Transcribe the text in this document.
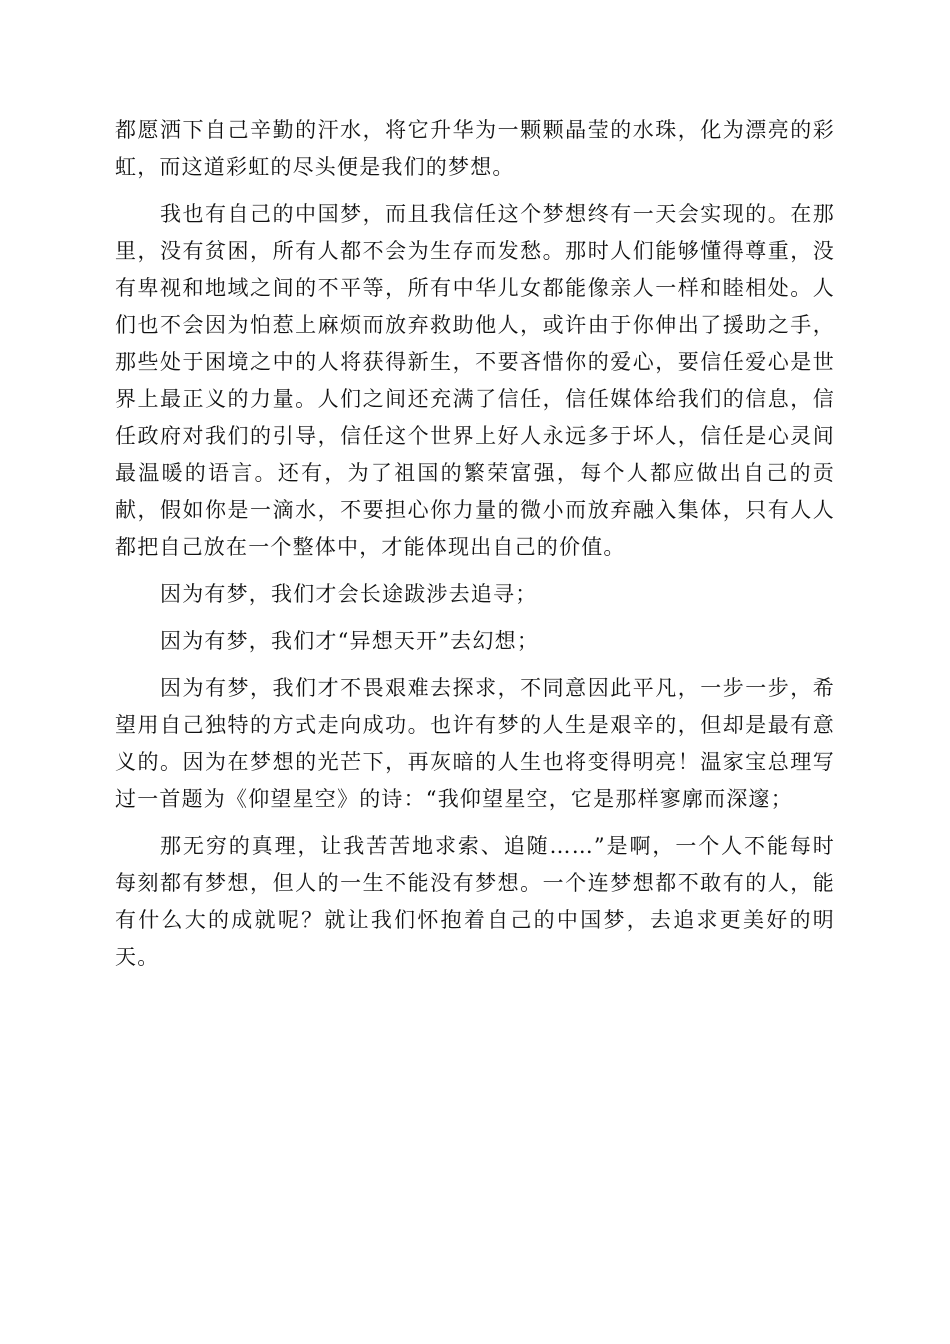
都愿洒下自己辛勤的汗水，将它升华为一颗颗晶莹的水珠，化为漂亮的彩虹，而这道彩虹的尽头便是我们的梦想。

我也有自己的中国梦，而且我信任这个梦想终有一天会实现的。在那里，没有贫困，所有人都不会为生存而发愁。那时人们能够懂得尊重，没有卑视和地域之间的不平等，所有中华儿女都能像亲人一样和睦相处。人们也不会因为怕惹上麻烦而放弃救助他人，或许由于你伸出了援助之手，那些处于困境之中的人将获得新生，不要吝惜你的爱心，要信任爱心是世界上最正义的力量。人们之间还充满了信任，信任媒体给我们的信息，信任政府对我们的引导，信任这个世界上好人永远多于坏人，信任是心灵间最温暖的语言。还有，为了祖国的繁荣富强，每个人都应做出自己的贡献，假如你是一滴水，不要担心你力量的微小而放弃融入集体，只有人人都把自己放在一个整体中，才能体现出自己的价值。

因为有梦，我们才会长途跋涉去追寻；

因为有梦，我们才“异想天开”去幻想；

因为有梦，我们才不畏艰难去探求，不同意因此平凡，一步一步，希望用自己独特的方式走向成功。也许有梦的人生是艰辛的，但却是最有意义的。因为在梦想的光芒下，再灰暗的人生也将变得明亮！温家宝总理写过一首题为《仰望星空》的诗：“我仰望星空，它是那样寥廓而深邃；

那无穷的真理，让我苦苦地求索、追随……”是啊，一个人不能每时每刻都有梦想，但人的一生不能没有梦想。一个连梦想都不敢有的人，能有什么大的成就呢？就让我们怀抱着自己的中国梦，去追求更美好的明天。
